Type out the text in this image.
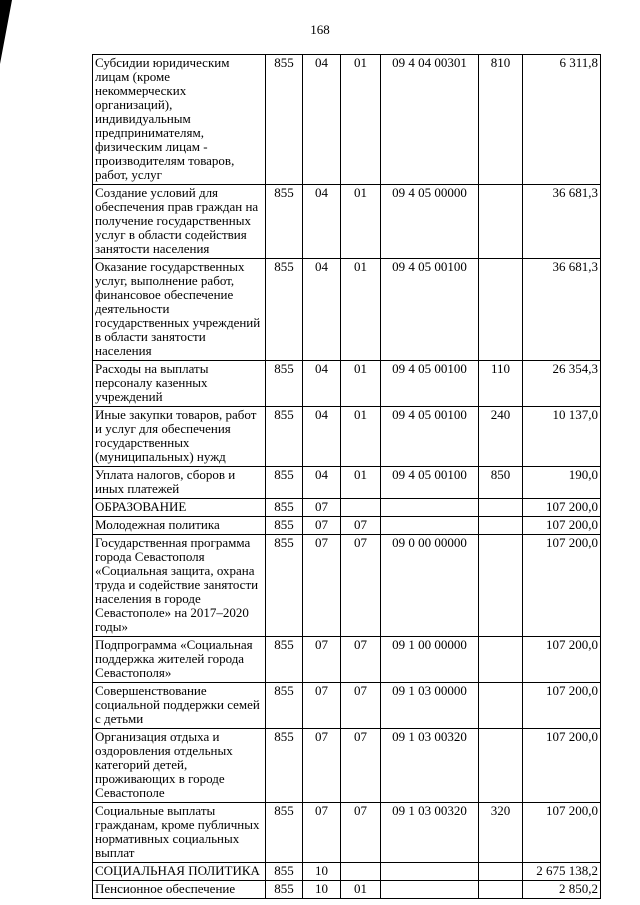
168
Субсидии юридическим лицам (кроме некоммерческих организаций), индивидуальным предпринимателям, физическим лицам - производителям товаров, работ, услуг	855	04	01	09 4 04 00301	810	6 311,8
Создание условий для обеспечения прав граждан на получение государственных услуг в области содействия занятости населения	855	04	01	09 4 05 00000		36 681,3
Оказание государственных услуг, выполнение работ, финансовое обеспечение деятельности государственных учреждений в области занятости населения	855	04	01	09 4 05 00100		36 681,3
Расходы на выплаты персоналу казенных учреждений	855	04	01	09 4 05 00100	110	26 354,3
Иные закупки товаров, работ и услуг для обеспечения государственных (муниципальных) нужд	855	04	01	09 4 05 00100	240	10 137,0
Уплата налогов, сборов и иных платежей	855	04	01	09 4 05 00100	850	190,0
ОБРАЗОВАНИЕ	855	07				107 200,0
Молодежная политика	855	07	07			107 200,0
Государственная программа города Севастополя «Социальная защита, охрана труда и содействие занятости населения в городе Севастополе» на 2017–2020 годы»	855	07	07	09 0 00 00000		107 200,0
Подпрограмма «Социальная поддержка жителей города Севастополя»	855	07	07	09 1 00 00000		107 200,0
Совершенствование социальной поддержки семей с детьми	855	07	07	09 1 03 00000		107 200,0
Организация отдыха и оздоровления отдельных категорий детей, проживающих в городе Севастополе	855	07	07	09 1 03 00320		107 200,0
Социальные выплаты гражданам, кроме публичных нормативных социальных выплат	855	07	07	09 1 03 00320	320	107 200,0
СОЦИАЛЬНАЯ ПОЛИТИКА	855	10				2 675 138,2
Пенсионное обеспечение	855	10	01			2 850,2
